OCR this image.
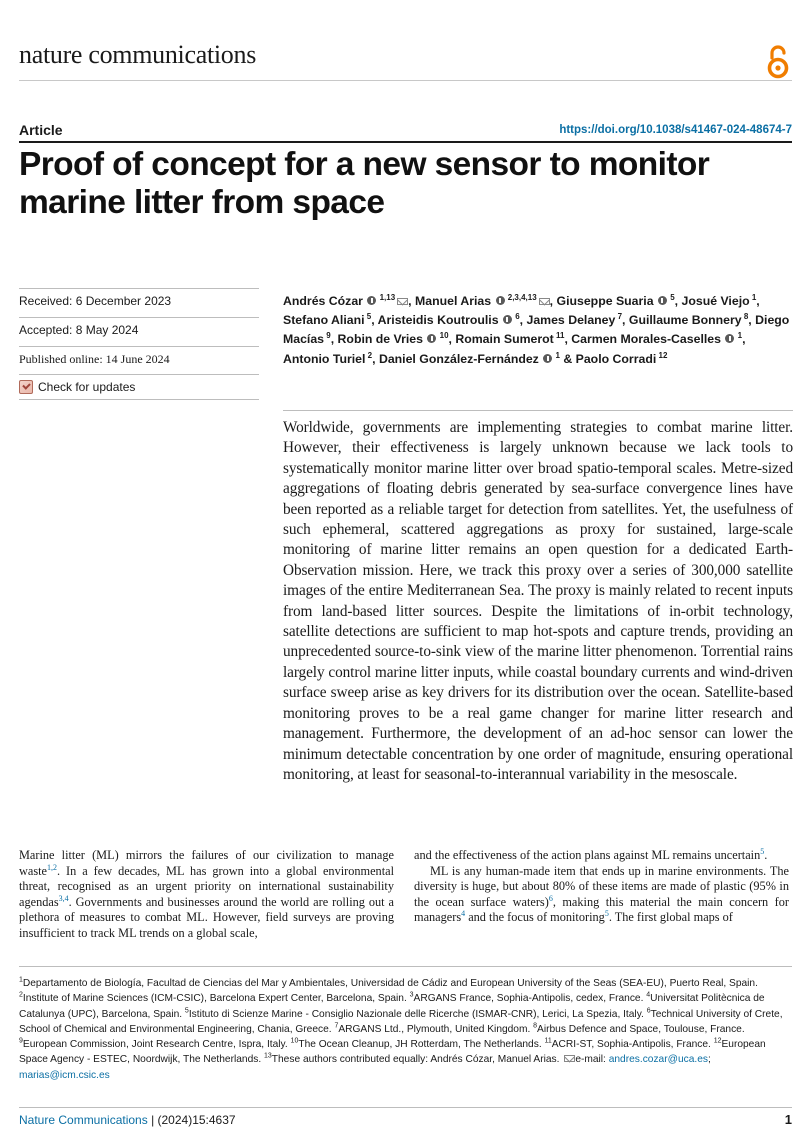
nature communications
Article	https://doi.org/10.1038/s41467-024-48674-7
Proof of concept for a new sensor to monitor marine litter from space
Received: 6 December 2023
Accepted: 8 May 2024
Published online: 14 June 2024
Check for updates

Andrés Cózar  $^{1,13}$ , Manuel Arias  $^{2,3,4,13}$ , Giuseppe Suaria  $^5$, Josué Viejo $^1$, Stefano Aliani $^5$, Aristeidis Koutroulis  $^6$, James Delaney $^7$, Guillaume Bonnery $^8$, Diego Macías $^9$, Robin de Vries  $^{10}$, Romain Sumerot $^{11}$, Carmen Morales-Caselles  $^1$, Antonio Turiel $^2$, Daniel González-Fernández  $^1$ & Paolo Corradi $^{12}$

Worldwide, governments are implementing strategies to combat marine litter. However, their effectiveness is largely unknown because we lack tools to systematically monitor marine litter over broad spatio-temporal scales. Metre-sized aggregations of floating debris generated by sea-surface convergence lines have been reported as a reliable target for detection from satellites. Yet, the usefulness of such ephemeral, scattered aggregations as proxy for sustained, large-scale monitoring of marine litter remains an open question for a dedicated Earth-Observation mission. Here, we track this proxy over a series of 300,000 satellite images of the entire Mediterranean Sea. The proxy is mainly related to recent inputs from land-based litter sources. Despite the limitations of in-orbit technology, satellite detections are sufficient to map hot-spots and capture trends, providing an unprecedented source-to-sink view of the marine litter phenomenon. Torrential rains largely control marine litter inputs, while coastal boundary currents and wind-driven surface sweep arise as key drivers for its distribution over the ocean. Satellite-based monitoring proves to be a real game changer for marine litter research and management. Furthermore, the development of an ad-hoc sensor can lower the minimum detectable concentration by one order of magnitude, ensuring operational monitoring, at least for seasonal-to-interannual variability in the mesoscale.

Marine litter (ML) mirrors the failures of our civilization to manage waste$^{1,2}$. In a few decades, ML has grown into a global environmental threat, recognised as an urgent priority on international sustainability agendas$^{3,4}$. Governments and businesses around the world are rolling out a plethora of measures to combat ML. However, field surveys are proving insufficient to track ML trends on a global scale,

and the effectiveness of the action plans against ML remains uncertain$^5$.

ML is any human-made item that ends up in marine environments. The diversity is huge, but about 80% of these items are made of plastic (95% in the ocean surface waters)$^6$, making this material the main concern for managers$^4$ and the focus of monitoring$^5$. The first global maps of

$^1$Departamento de Biología, Facultad de Ciencias del Mar y Ambientales, Universidad de Cádiz and European University of the Seas (SEA-EU), Puerto Real, Spain. $^2$Institute of Marine Sciences (ICM-CSIC), Barcelona Expert Center, Barcelona, Spain. $^3$ARGANS France, Sophia-Antipolis, cedex, France. $^4$Universitat Politècnica de Catalunya (UPC), Barcelona, Spain. $^5$Istituto di Scienze Marine - Consiglio Nazionale delle Ricerche (ISMAR-CNR), Lerici, La Spezia, Italy. $^6$Technical University of Crete, School of Chemical and Environmental Engineering, Chania, Greece. $^7$ARGANS Ltd., Plymouth, United Kingdom. $^8$Airbus Defence and Space, Toulouse, France. $^9$European Commission, Joint Research Centre, Ispra, Italy. $^{10}$The Ocean Cleanup, JH Rotterdam, The Netherlands. $^{11}$ACRI-ST, Sophia-Antipolis, France. $^{12}$European Space Agency - ESTEC, Noordwijk, The Netherlands. $^{13}$These authors contributed equally: Andrés Cózar, Manuel Arias. e-mail: andres.cozar@uca.es; marias@icm.csic.es

Nature Communications | (2024)15:4637	1
